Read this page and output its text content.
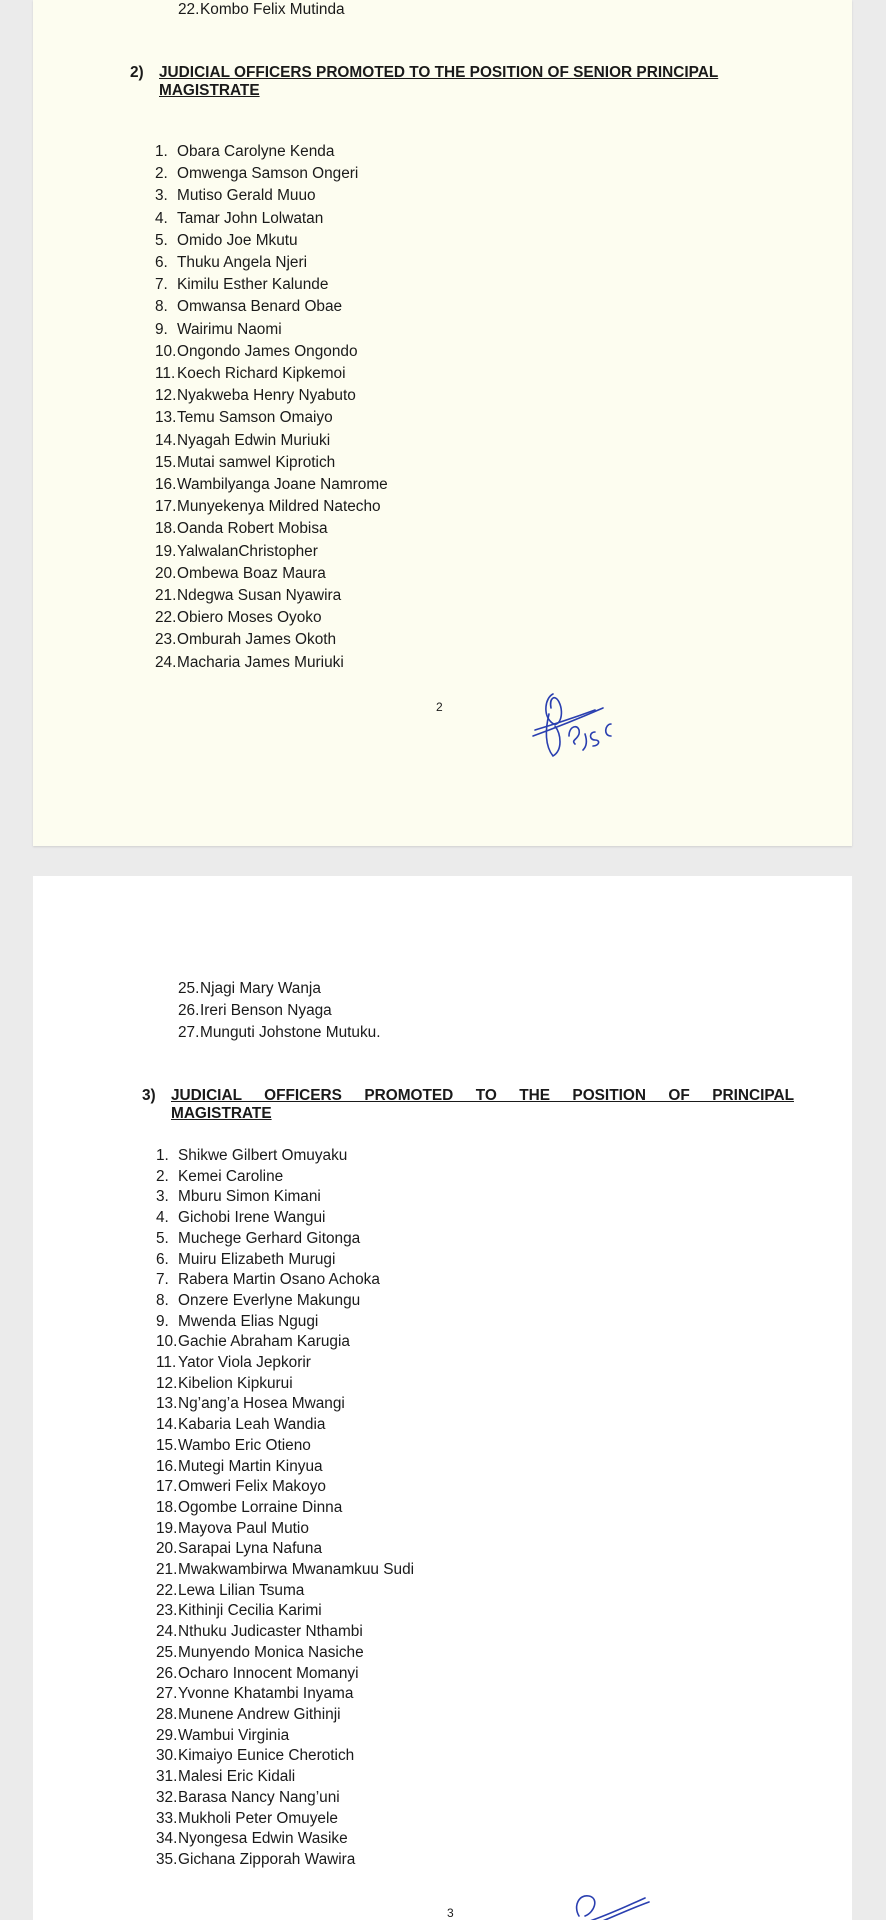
22. Kombo Felix Mutinda
2) JUDICIAL OFFICERS PROMOTED TO THE POSITION OF SENIOR PRINCIPAL
MAGISTRATE
1. Obara Carolyne Kenda
2. Omwenga Samson Ongeri
3. Mutiso Gerald Muuo
4. Tamar John Lolwatan
5. Omido Joe Mkutu
6. Thuku Angela Njeri
7. Kimilu Esther Kalunde
8. Omwansa Benard Obae
9. Wairimu Naomi
10. Ongondo James Ongondo
11. Koech Richard Kipkemoi
12. Nyakweba Henry Nyabuto
13. Temu Samson Omaiyo
14. Nyagah Edwin Muriuki
15. Mutai samwel Kiprotich
16. Wambilyanga Joane Namrome
17. Munyekenya Mildred Natecho
18. Oanda Robert Mobisa
19. YalwalanChristopher
20. Ombewa Boaz Maura
21. Ndegwa Susan Nyawira
22. Obiero Moses Oyoko
23. Omburah James Okoth
24. Macharia James Muriuki
2
25. Njagi Mary Wanja
26. Ireri Benson Nyaga
27. Munguti Johstone Mutuku.
3) JUDICIAL OFFICERS PROMOTED TO THE POSITION OF PRINCIPAL
MAGISTRATE
1. Shikwe Gilbert Omuyaku
2. Kemei Caroline
3. Mburu Simon Kimani
4. Gichobi Irene Wangui
5. Muchege Gerhard Gitonga
6. Muiru Elizabeth Murugi
7. Rabera Martin Osano Achoka
8. Onzere Everlyne Makungu
9. Mwenda Elias Ngugi
10. Gachie Abraham Karugia
11. Yator Viola Jepkorir
12. Kibelion Kipkurui
13. Ng’ang’a Hosea Mwangi
14. Kabaria Leah Wandia
15. Wambo Eric Otieno
16. Mutegi Martin Kinyua
17. Omweri Felix Makoyo
18. Ogombe Lorraine Dinna
19. Mayova Paul Mutio
20. Sarapai Lyna Nafuna
21. Mwakwambirwa Mwanamkuu Sudi
22. Lewa Lilian Tsuma
23. Kithinji Cecilia Karimi
24. Nthuku Judicaster Nthambi
25. Munyendo Monica Nasiche
26. Ocharo Innocent Momanyi
27. Yvonne Khatambi Inyama
28. Munene Andrew Githinji
29. Wambui Virginia
30. Kimaiyo Eunice Cherotich
31. Malesi Eric Kidali
32. Barasa Nancy Nang’uni
33. Mukholi Peter Omuyele
34. Nyongesa Edwin Wasike
35. Gichana Zipporah Wawira
3
